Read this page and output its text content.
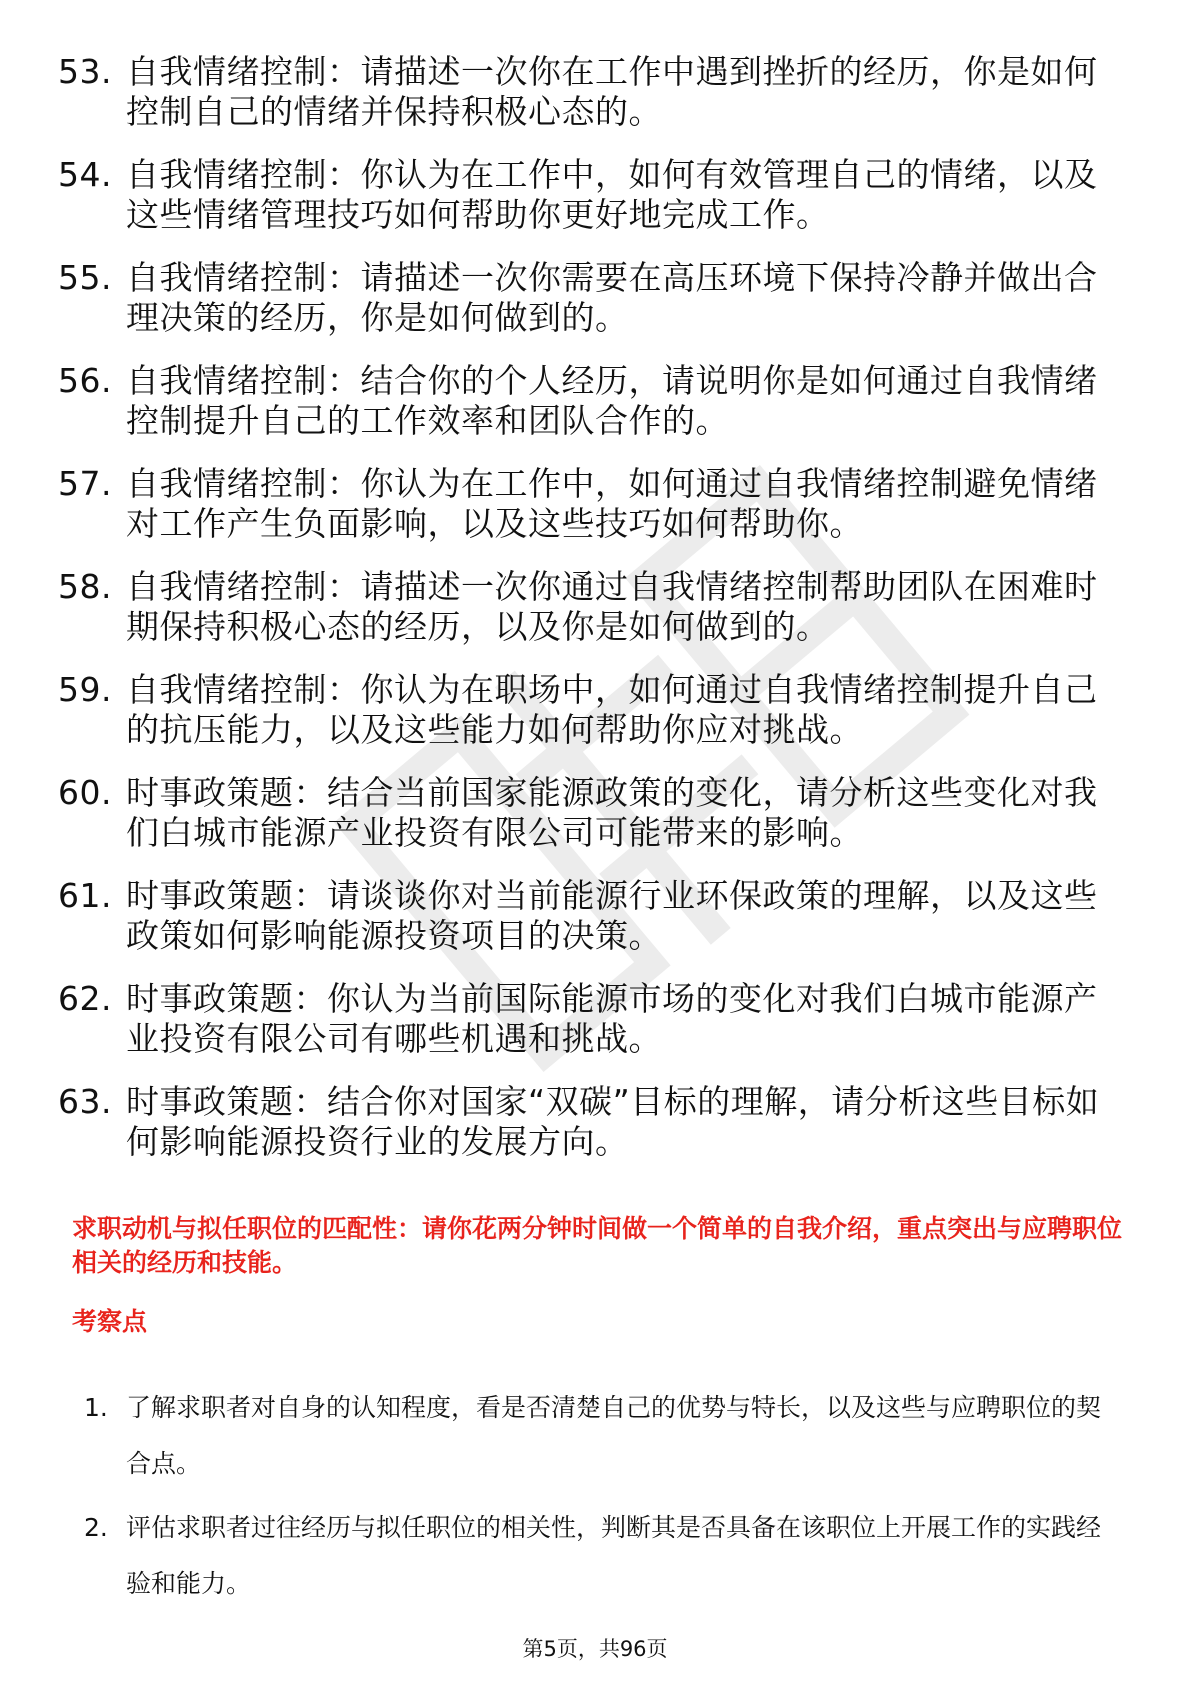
53. 自我情绪控制：请描述一次你在工作中遇到挫折的经历，你是如何控制自己的情绪并保持积极心态的。
54. 自我情绪控制：你认为在工作中，如何有效管理自己的情绪，以及这些情绪管理技巧如何帮助你更好地完成工作。
55. 自我情绪控制：请描述一次你需要在高压环境下保持冷静并做出合理决策的经历，你是如何做到的。
56. 自我情绪控制：结合你的个人经历，请说明你是如何通过自我情绪控制提升自己的工作效率和团队合作的。
57. 自我情绪控制：你认为在工作中，如何通过自我情绪控制避免情绪对工作产生负面影响，以及这些技巧如何帮助你。
58. 自我情绪控制：请描述一次你通过自我情绪控制帮助团队在困难时期保持积极心态的经历，以及你是如何做到的。
59. 自我情绪控制：你认为在职场中，如何通过自我情绪控制提升自己的抗压能力，以及这些能力如何帮助你应对挑战。
60. 时事政策题：结合当前国家能源政策的变化，请分析这些变化对我们白城市能源产业投资有限公司可能带来的影响。
61. 时事政策题：请谈谈你对当前能源行业环保政策的理解，以及这些政策如何影响能源投资项目的决策。
62. 时事政策题：你认为当前国际能源市场的变化对我们白城市能源产业投资有限公司有哪些机遇和挑战。
63. 时事政策题：结合你对国家“双碳”目标的理解，请分析这些目标如何影响能源投资行业的发展方向。

求职动机与拟任职位的匹配性：请你花两分钟时间做一个简单的自我介绍，重点突出与应聘职位相关的经历和技能。

考察点

1. 了解求职者对自身的认知程度，看是否清楚自己的优势与特长，以及这些与应聘职位的契合点。
2. 评估求职者过往经历与拟任职位的相关性，判断其是否具备在该职位上开展工作的实践经验和能力。
第5页，共96页
